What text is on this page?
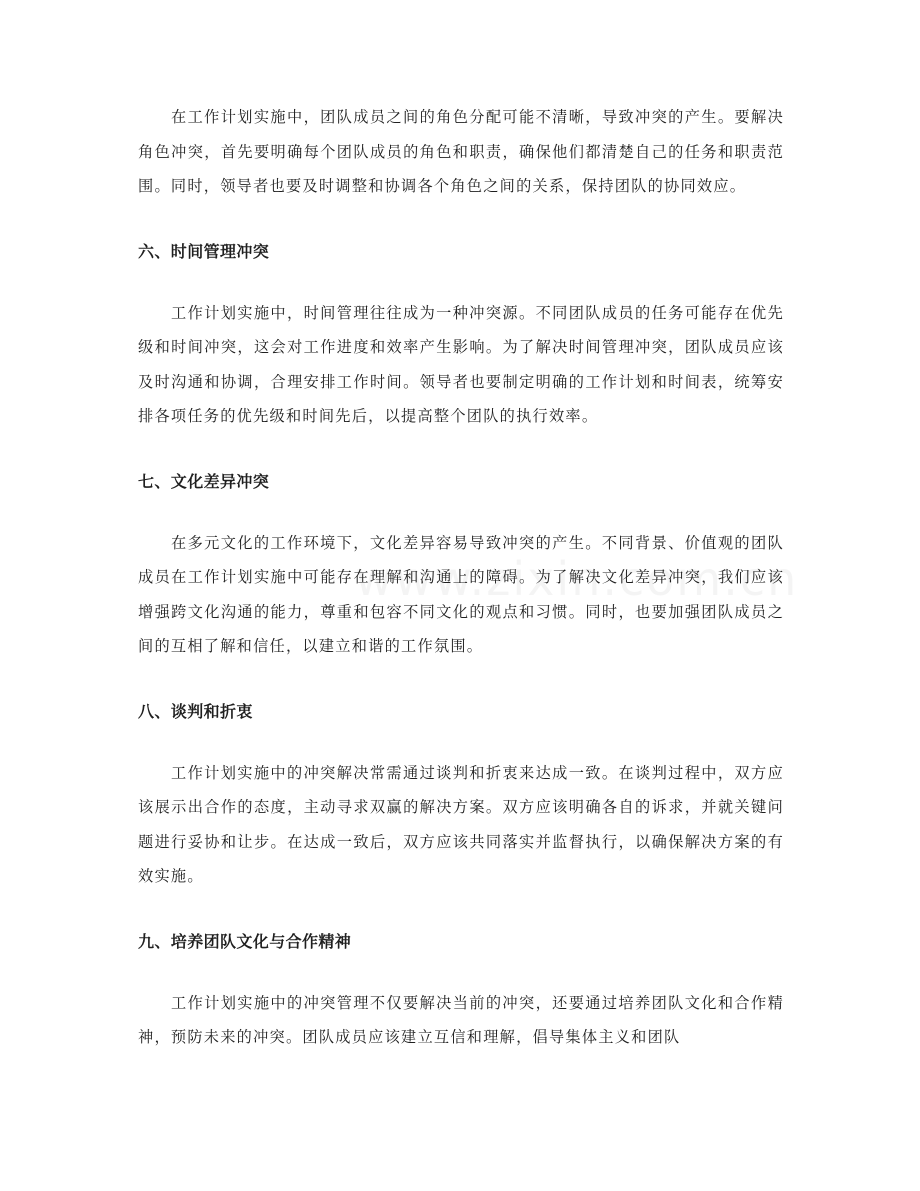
在工作计划实施中，团队成员之间的角色分配可能不清晰，导致冲突的产生。要解决角色冲突，首先要明确每个团队成员的角色和职责，确保他们都清楚自己的任务和职责范围。同时，领导者也要及时调整和协调各个角色之间的关系，保持团队的协同效应。

六、时间管理冲突

工作计划实施中，时间管理往往成为一种冲突源。不同团队成员的任务可能存在优先级和时间冲突，这会对工作进度和效率产生影响。为了解决时间管理冲突，团队成员应该及时沟通和协调，合理安排工作时间。领导者也要制定明确的工作计划和时间表，统筹安排各项任务的优先级和时间先后，以提高整个团队的执行效率。

七、文化差异冲突

在多元文化的工作环境下，文化差异容易导致冲突的产生。不同背景、价值观的团队成员在工作计划实施中可能存在理解和沟通上的障碍。为了解决文化差异冲突，我们应该增强跨文化沟通的能力，尊重和包容不同文化的观点和习惯。同时，也要加强团队成员之间的互相了解和信任，以建立和谐的工作氛围。

八、谈判和折衷

工作计划实施中的冲突解决常需通过谈判和折衷来达成一致。在谈判过程中，双方应该展示出合作的态度，主动寻求双赢的解决方案。双方应该明确各自的诉求，并就关键问题进行妥协和让步。在达成一致后，双方应该共同落实并监督执行，以确保解决方案的有效实施。

九、培养团队文化与合作精神

工作计划实施中的冲突管理不仅要解决当前的冲突，还要通过培养团队文化和合作精神，预防未来的冲突。团队成员应该建立互信和理解，倡导集体主义和团队
